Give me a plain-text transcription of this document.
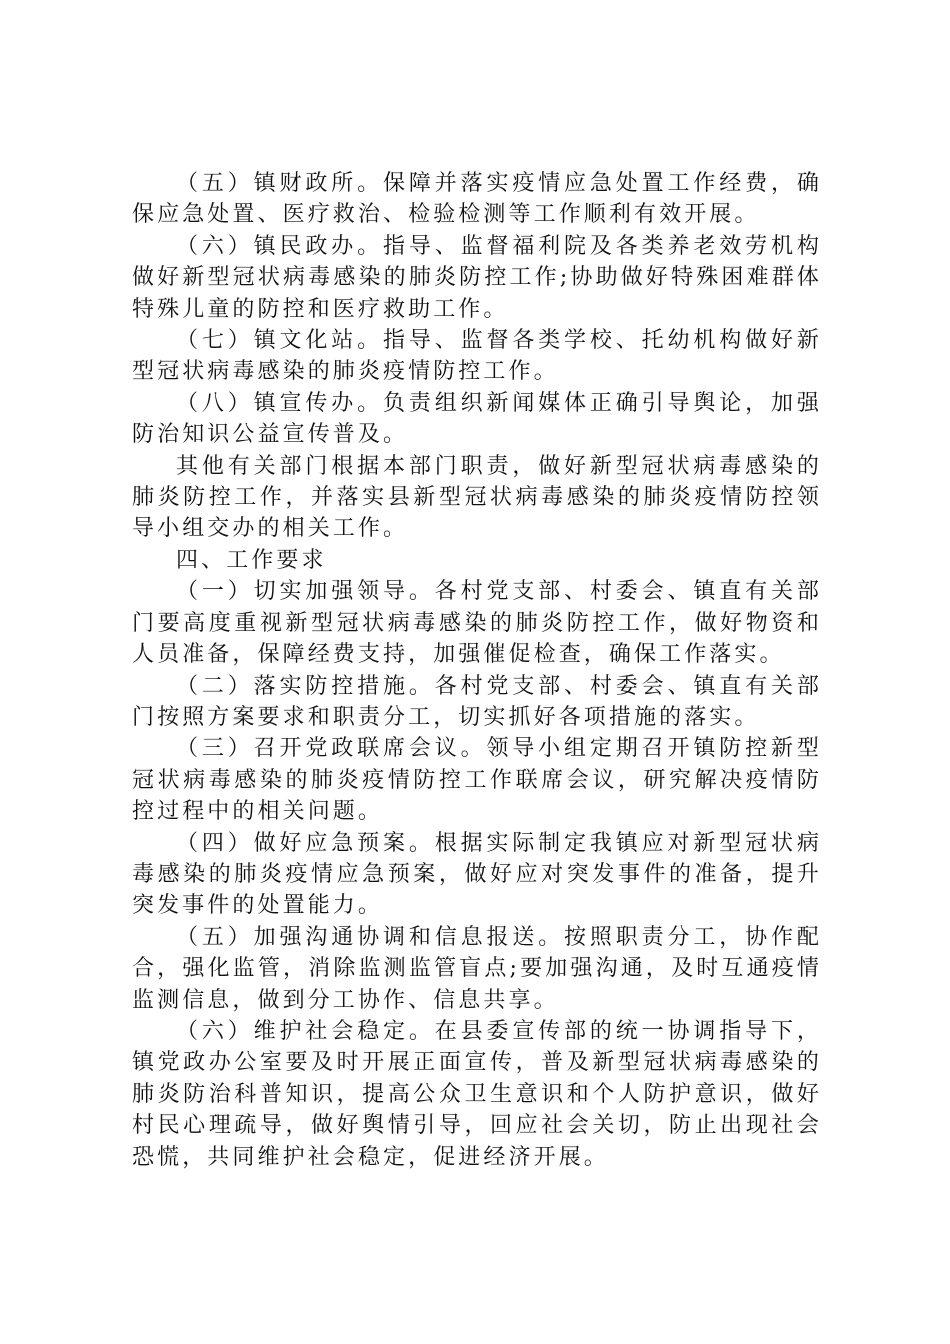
（五）镇财政所。保障并落实疫情应急处置工作经费，确保应急处置、医疗救治、检验检测等工作顺利有效开展。

（六）镇民政办。指导、监督福利院及各类养老效劳机构做好新型冠状病毒感染的肺炎防控工作;协助做好特殊困难群体特殊儿童的防控和医疗救助工作。

（七）镇文化站。指导、监督各类学校、托幼机构做好新型冠状病毒感染的肺炎疫情防控工作。

（八）镇宣传办。负责组织新闻媒体正确引导舆论，加强防治知识公益宣传普及。

其他有关部门根据本部门职责，做好新型冠状病毒感染的肺炎防控工作，并落实县新型冠状病毒感染的肺炎疫情防控领导小组交办的相关工作。

四、工作要求

（一）切实加强领导。各村党支部、村委会、镇直有关部门要高度重视新型冠状病毒感染的肺炎防控工作，做好物资和人员准备，保障经费支持，加强催促检查，确保工作落实。

（二）落实防控措施。各村党支部、村委会、镇直有关部门按照方案要求和职责分工，切实抓好各项措施的落实。

（三）召开党政联席会议。领导小组定期召开镇防控新型冠状病毒感染的肺炎疫情防控工作联席会议，研究解决疫情防控过程中的相关问题。

（四）做好应急预案。根据实际制定我镇应对新型冠状病毒感染的肺炎疫情应急预案，做好应对突发事件的准备，提升突发事件的处置能力。

（五）加强沟通协调和信息报送。按照职责分工，协作配合，强化监管，消除监测监管盲点;要加强沟通，及时互通疫情监测信息，做到分工协作、信息共享。

（六）维护社会稳定。在县委宣传部的统一协调指导下，镇党政办公室要及时开展正面宣传，普及新型冠状病毒感染的肺炎防治科普知识，提高公众卫生意识和个人防护意识，做好村民心理疏导，做好舆情引导，回应社会关切，防止出现社会恐慌，共同维护社会稳定，促进经济开展。
